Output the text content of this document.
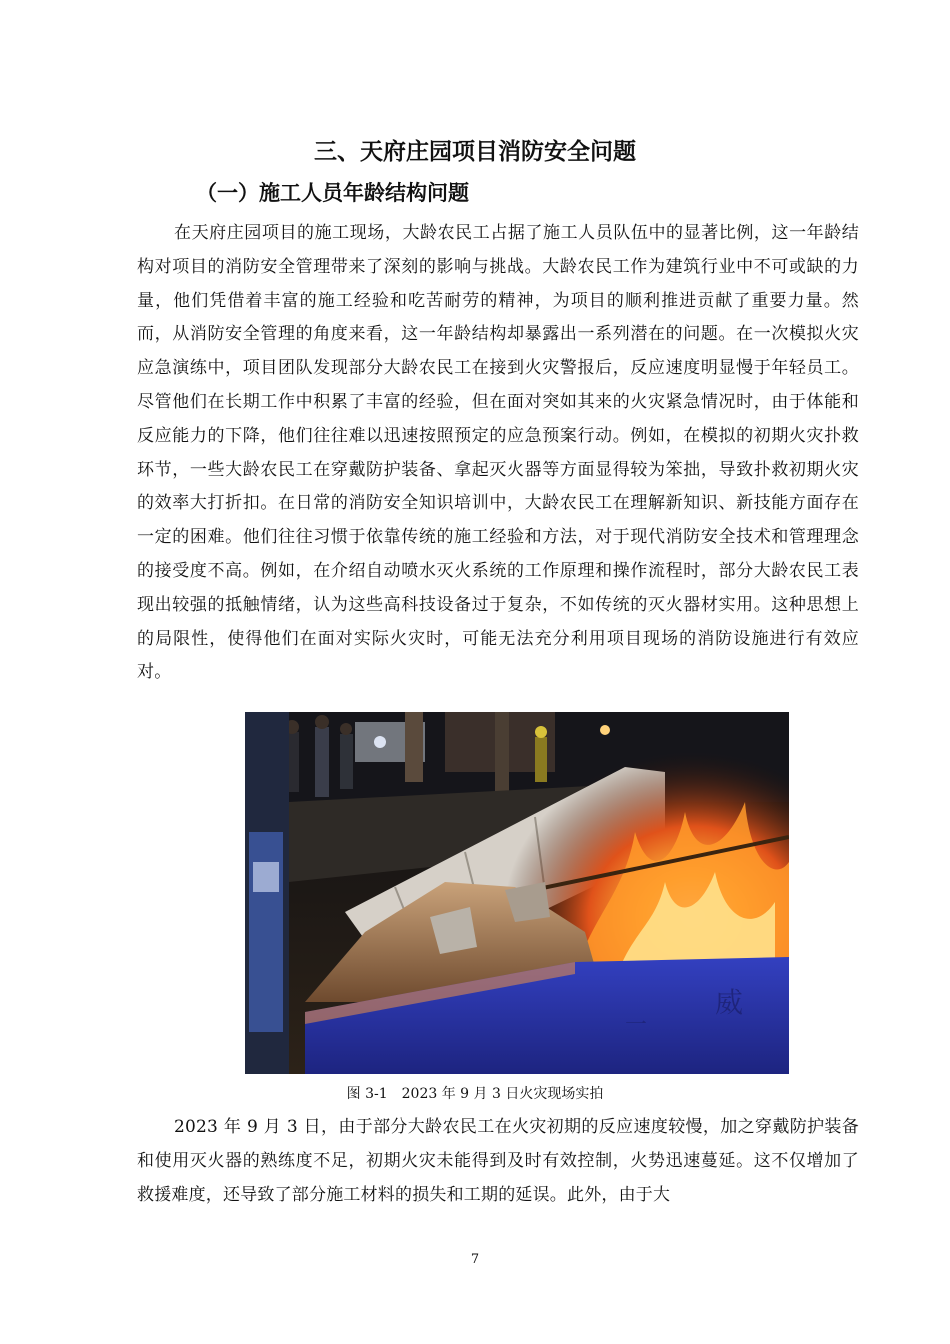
三、天府庄园项目消防安全问题
（一）施工人员年龄结构问题

在天府庄园项目的施工现场，大龄农民工占据了施工人员队伍中的显著比例，这一年龄结构对项目的消防安全管理带来了深刻的影响与挑战。大龄农民工作为建筑行业中不可或缺的力量，他们凭借着丰富的施工经验和吃苦耐劳的精神，为项目的顺利推进贡献了重要力量。然而，从消防安全管理的角度来看，这一年龄结构却暴露出一系列潜在的问题。在一次模拟火灾应急演练中，项目团队发现部分大龄农民工在接到火灾警报后，反应速度明显慢于年轻员工。尽管他们在长期工作中积累了丰富的经验，但在面对突如其来的火灾紧急情况时，由于体能和反应能力的下降，他们往往难以迅速按照预定的应急预案行动。例如，在模拟的初期火灾扑救环节，一些大龄农民工在穿戴防护装备、拿起灭火器等方面显得较为笨拙，导致扑救初期火灾的效率大打折扣。在日常的消防安全知识培训中，大龄农民工在理解新知识、新技能方面存在一定的困难。他们往往习惯于依靠传统的施工经验和方法，对于现代消防安全技术和管理理念的接受度不高。例如，在介绍自动喷水灭火系统的工作原理和操作流程时，部分大龄农民工表现出较强的抵触情绪，认为这些高科技设备过于复杂，不如传统的灭火器材实用。这种思想上的局限性，使得他们在面对实际火灾时，可能无法充分利用项目现场的消防设施进行有效应对。

威
一

图 3-1　2023 年 9 月 3 日火灾现场实拍

2023 年 9 月 3 日，由于部分大龄农民工在火灾初期的反应速度较慢，加之穿戴防护装备和使用灭火器的熟练度不足，初期火灾未能得到及时有效控制，火势迅速蔓延。这不仅增加了救援难度，还导致了部分施工材料的损失和工期的延误。此外，由于大

7
